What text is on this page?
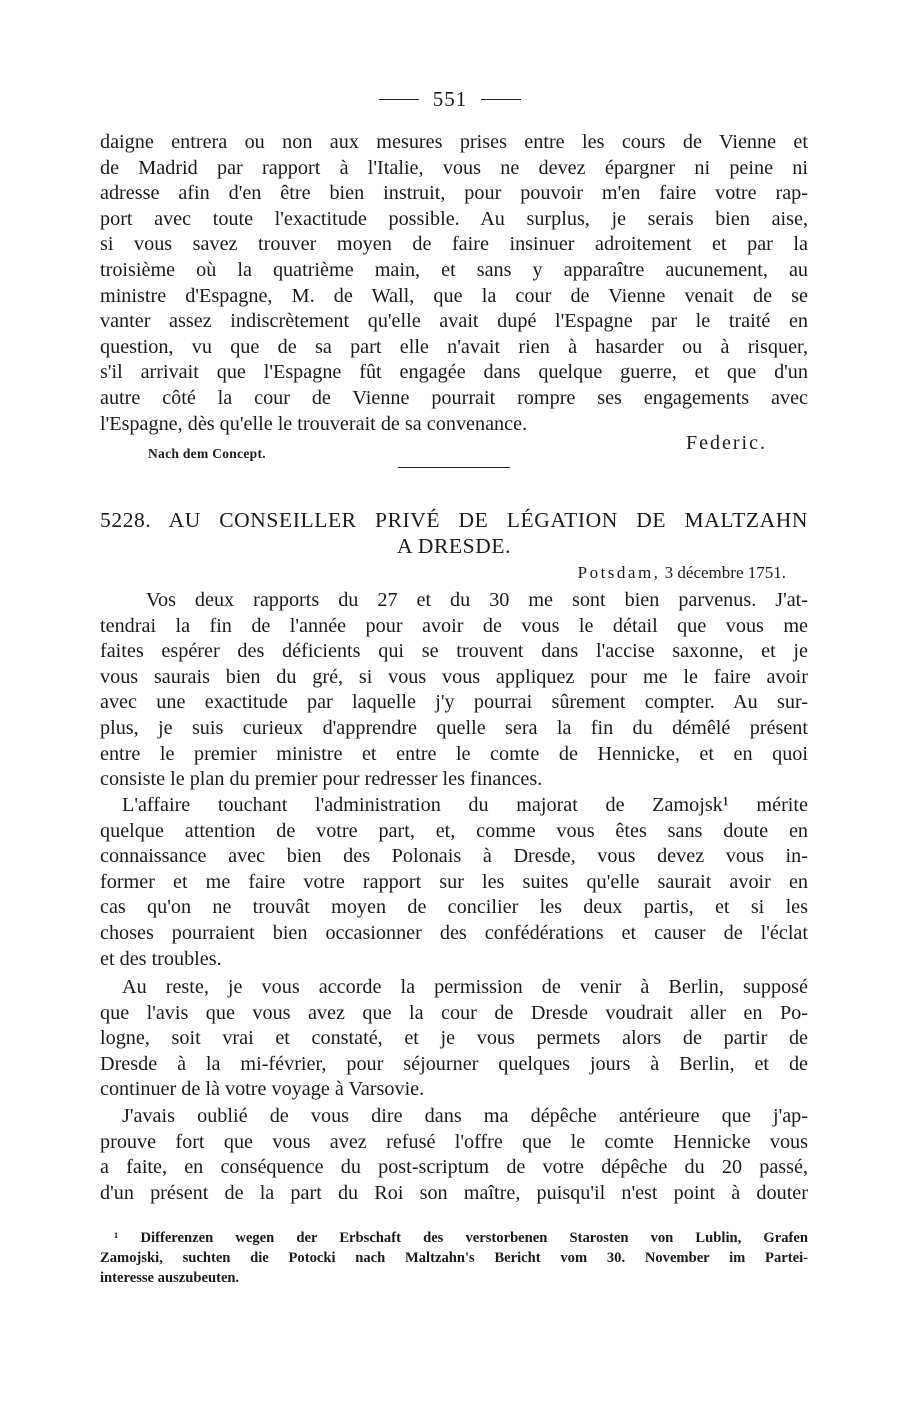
551
daigne entrera ou non aux mesures prises entre les cours de Vienne et
de Madrid par rapport à l'Italie, vous ne devez épargner ni peine ni
adresse afin d'en être bien instruit, pour pouvoir m'en faire votre rap-
port avec toute l'exactitude possible. Au surplus, je serais bien aise,
si vous savez trouver moyen de faire insinuer adroitement et par la
troisième où la quatrième main, et sans y apparaître aucunement, au
ministre d'Espagne, M. de Wall, que la cour de Vienne venait de se
vanter assez indiscrètement qu'elle avait dupé l'Espagne par le traité en
question, vu que de sa part elle n'avait rien à hasarder ou à risquer,
s'il arrivait que l'Espagne fût engagée dans quelque guerre, et que d'un
autre côté la cour de Vienne pourrait rompre ses engagements avec
l'Espagne, dès qu'elle le trouverait de sa convenance.
Federic.
Nach dem Concept.
5228. AU CONSEILLER PRIVÉ DE LÉGATION DE MALTZAHN
A DRESDE.
Potsdam, 3 décembre 1751.
Vos deux rapports du 27 et du 30 me sont bien parvenus. J'at-
tendrai la fin de l'année pour avoir de vous le détail que vous me
faites espérer des déficients qui se trouvent dans l'accise saxonne, et je
vous saurais bien du gré, si vous vous appliquez pour me le faire avoir
avec une exactitude par laquelle j'y pourrai sûrement compter. Au sur-
plus, je suis curieux d'apprendre quelle sera la fin du démêlé présent
entre le premier ministre et entre le comte de Hennicke, et en quoi
consiste le plan du premier pour redresser les finances.
L'affaire touchant l'administration du majorat de Zamojsk¹ mérite
quelque attention de votre part, et, comme vous êtes sans doute en
connaissance avec bien des Polonais à Dresde, vous devez vous in-
former et me faire votre rapport sur les suites qu'elle saurait avoir en
cas qu'on ne trouvât moyen de concilier les deux partis, et si les
choses pourraient bien occasionner des confédérations et causer de l'éclat
et des troubles.
Au reste, je vous accorde la permission de venir à Berlin, supposé
que l'avis que vous avez que la cour de Dresde voudrait aller en Po-
logne, soit vrai et constaté, et je vous permets alors de partir de
Dresde à la mi-février, pour séjourner quelques jours à Berlin, et de
continuer de là votre voyage à Varsovie.
J'avais oublié de vous dire dans ma dépêche antérieure que j'ap-
prouve fort que vous avez refusé l'offre que le comte Hennicke vous
a faite, en conséquence du post-scriptum de votre dépêche du 20 passé,
d'un présent de la part du Roi son maître, puisqu'il n'est point à douter
¹ Differenzen wegen der Erbschaft des verstorbenen Starosten von Lublin, Grafen
Zamojski, suchten die Potocki nach Maltzahn's Bericht vom 30. November im Partei-
interesse auszubeuten.
